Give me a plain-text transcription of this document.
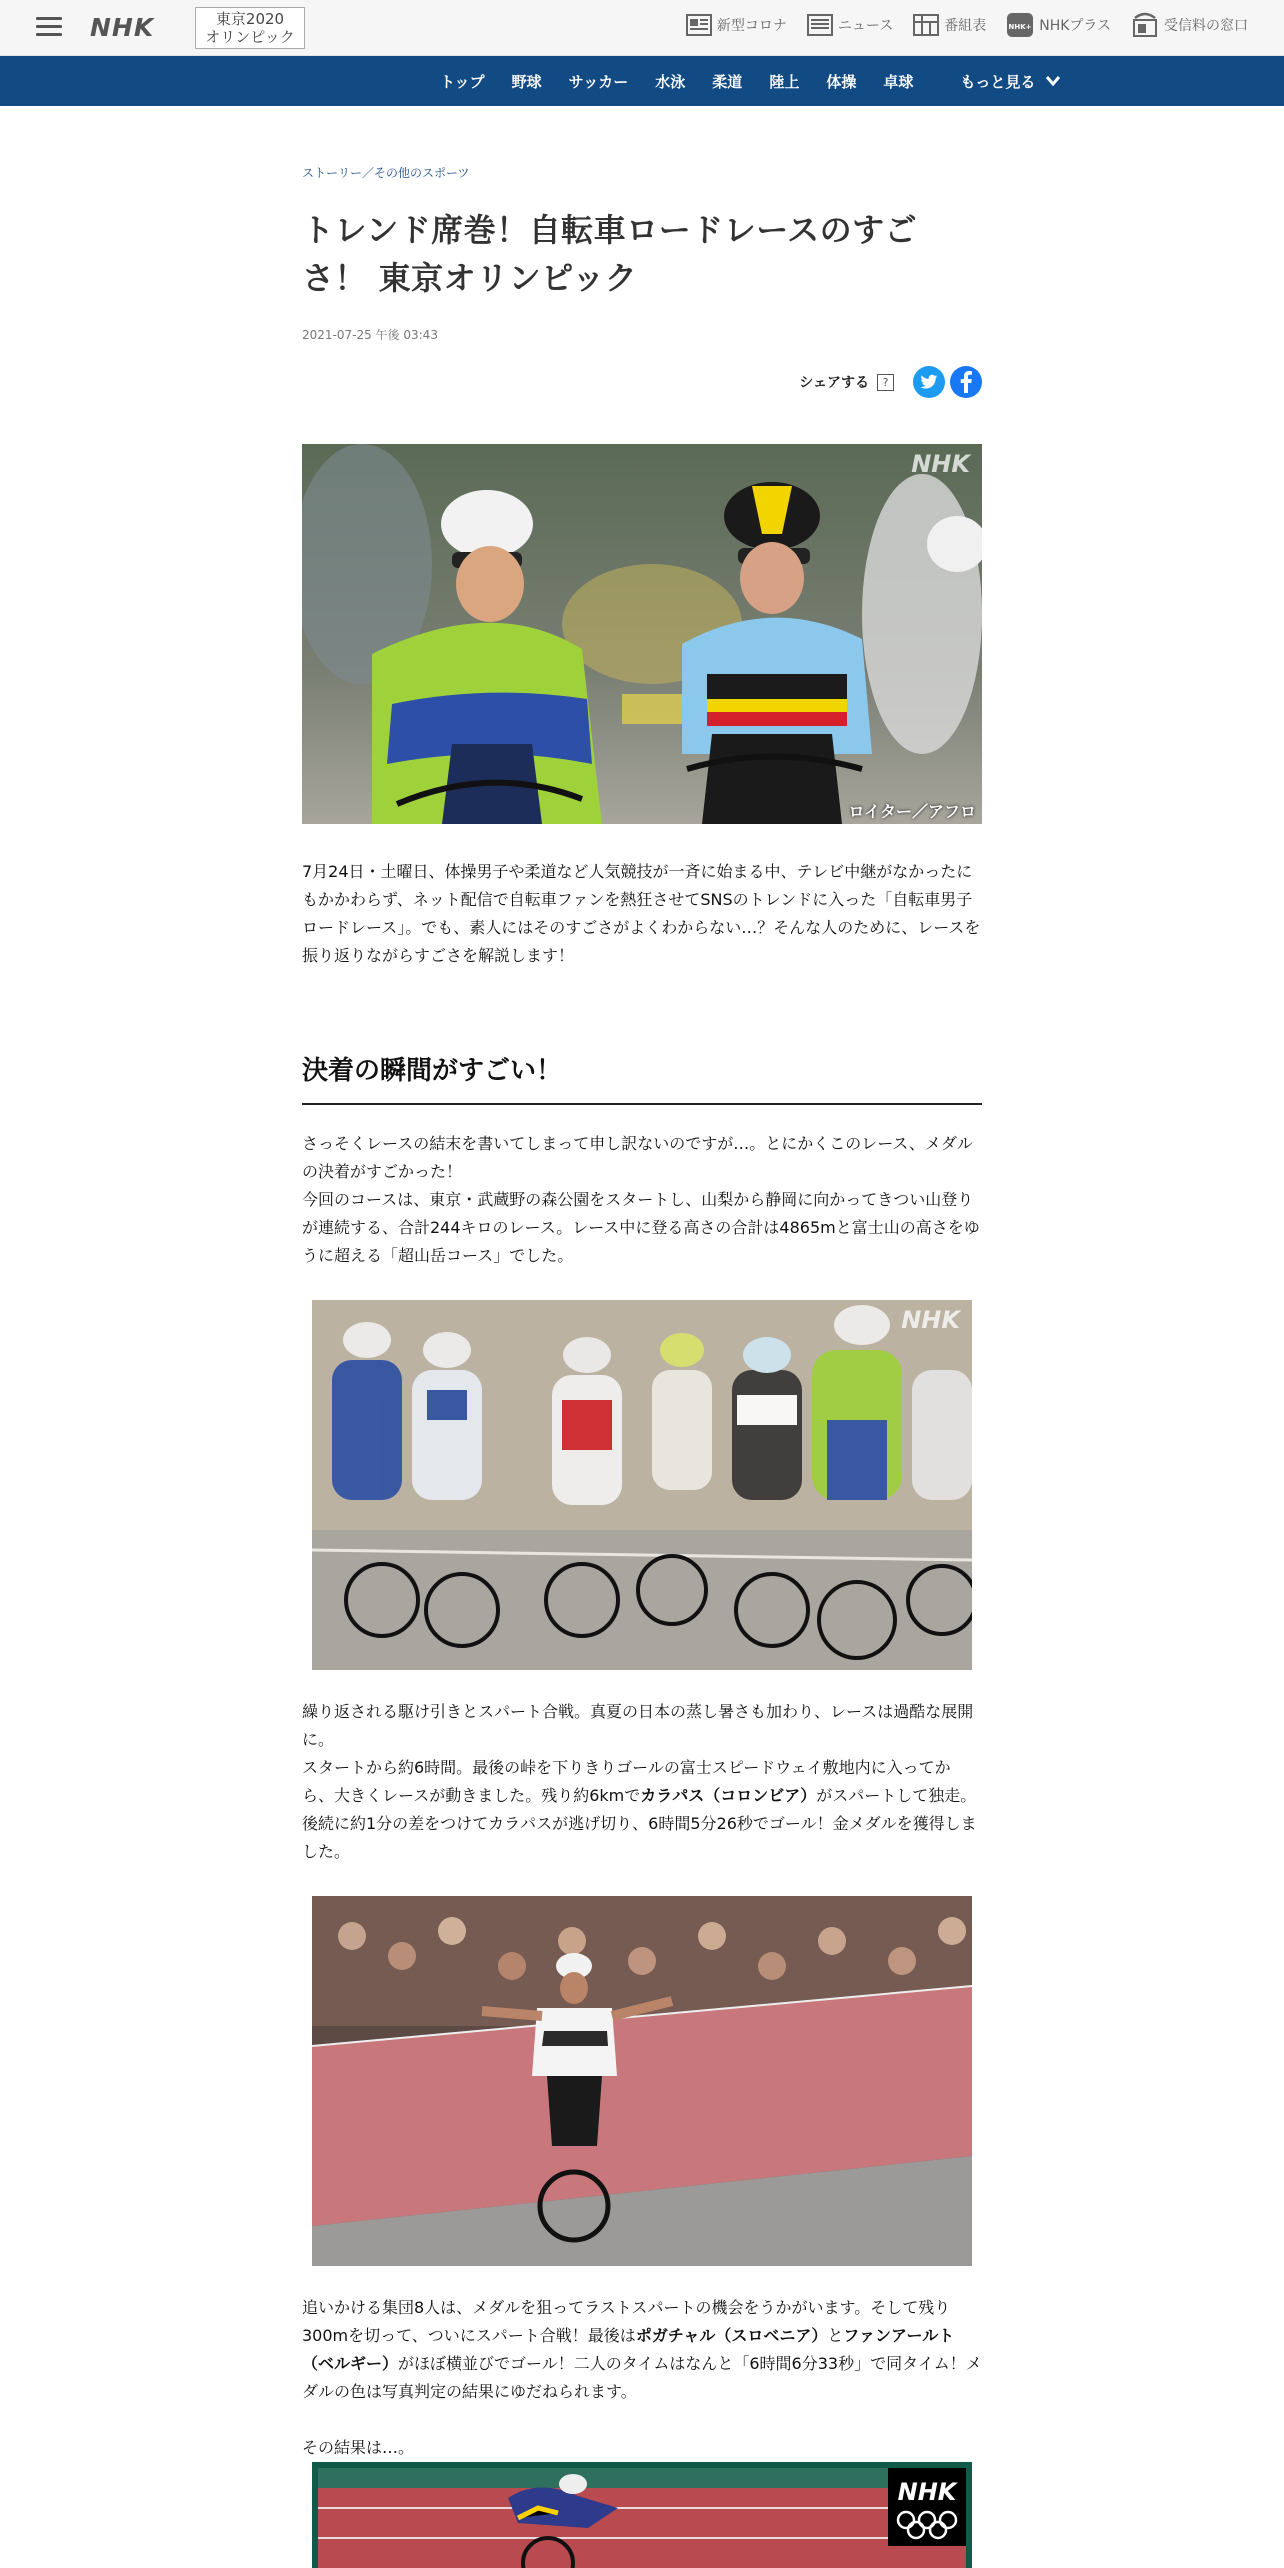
NHK	東京2020
オリンピック
新型コロナ	ニュース	番組表	NHK+ NHKプラス	受信料の窓口
トップ 野球 サッカー 水泳 柔道 陸上 体操 卓球	もっと見る
ストーリー／その他のスポーツ
トレンド席巻！自転車ロードレースのすごさ！ 東京オリンピック
2021-07-25 午後 03:43
シェアする	?
NHK
ロイター／アフロ

7月24日・土曜日、体操男子や柔道など人気競技が一斉に始まる中、テレビ中継がなかったにもかかわらず、ネット配信で自転車ファンを熱狂させてSNSのトレンドに入った「自転車男子ロードレース」。でも、素人にはそのすごさがよくわからない…？そんな人のために、レースを振り返りながらすごさを解説します！

決着の瞬間がすごい！

さっそくレースの結末を書いてしまって申し訳ないのですが…。とにかくこのレース、メダルの決着がすごかった！

今回のコースは、東京・武蔵野の森公園をスタートし、山梨から静岡に向かってきつい山登りが連続する、合計244キロのレース。レース中に登る高さの合計は4865mと富士山の高さをゆうに超える「超山岳コース」でした。

NHK

繰り返される駆け引きとスパート合戦。真夏の日本の蒸し暑さも加わり、レースは過酷な展開に。

スタートから約6時間。最後の峠を下りきりゴールの富士スピードウェイ敷地内に入ってから、大きくレースが動きました。残り約6kmでカラパス（コロンビア）がスパートして独走。後続に約1分の差をつけてカラパスが逃げ切り、6時間5分26秒でゴール！金メダルを獲得しました。

追いかける集団8人は、メダルを狙ってラストスパートの機会をうかがいます。そして残り300mを切って、ついにスパート合戦！最後はポガチャル（スロベニア）とファンアールト（ベルギー）がほぼ横並びでゴール！二人のタイムはなんと「6時間6分33秒」で同タイム！メダルの色は写真判定の結果にゆだねられます。

その結果は…。

NHK
